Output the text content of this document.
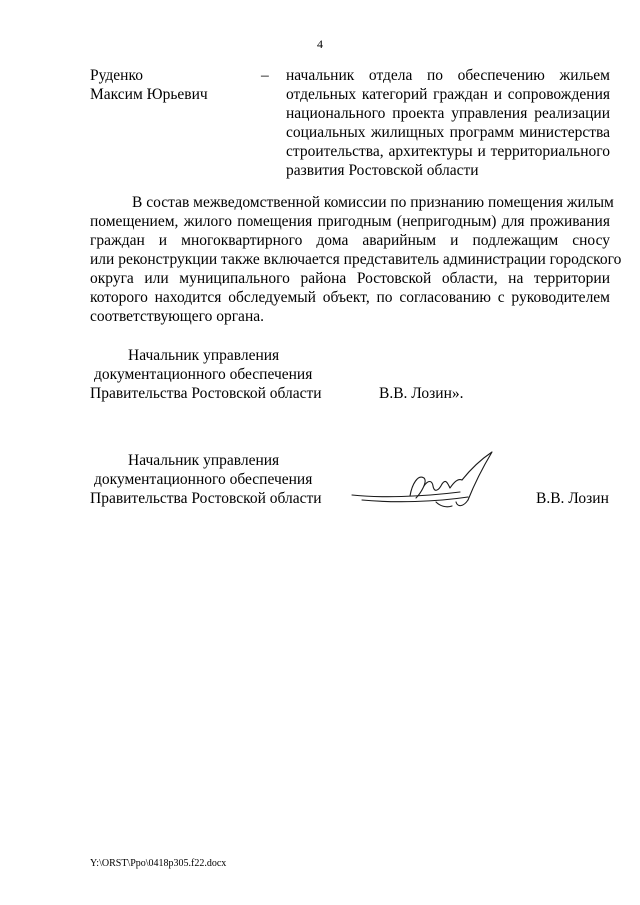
4
Руденко
Максим Юрьевич
– начальник отдела по обеспечению жильем
отдельных категорий граждан и сопровождения
национального проекта управления реализации
социальных жилищных программ министерства
строительства, архитектуры и территориального
развития Ростовской области
В состав межведомственной комиссии по признанию помещения жилым
помещением, жилого помещения пригодным (непригодным) для проживания
граждан и многоквартирного дома аварийным и подлежащим сносу
или реконструкции также включается представитель администрации городского
округа или муниципального района Ростовской области, на территории
которого находится обследуемый объект, по согласованию с руководителем
соответствующего органа.
Начальник управления
документационного обеспечения
Правительства Ростовской области	В.В. Лозин».
Начальник управления
документационного обеспечения
Правительства Ростовской области	В.В. Лозин
Y:\ORST\Ppo\0418p305.f22.docx
